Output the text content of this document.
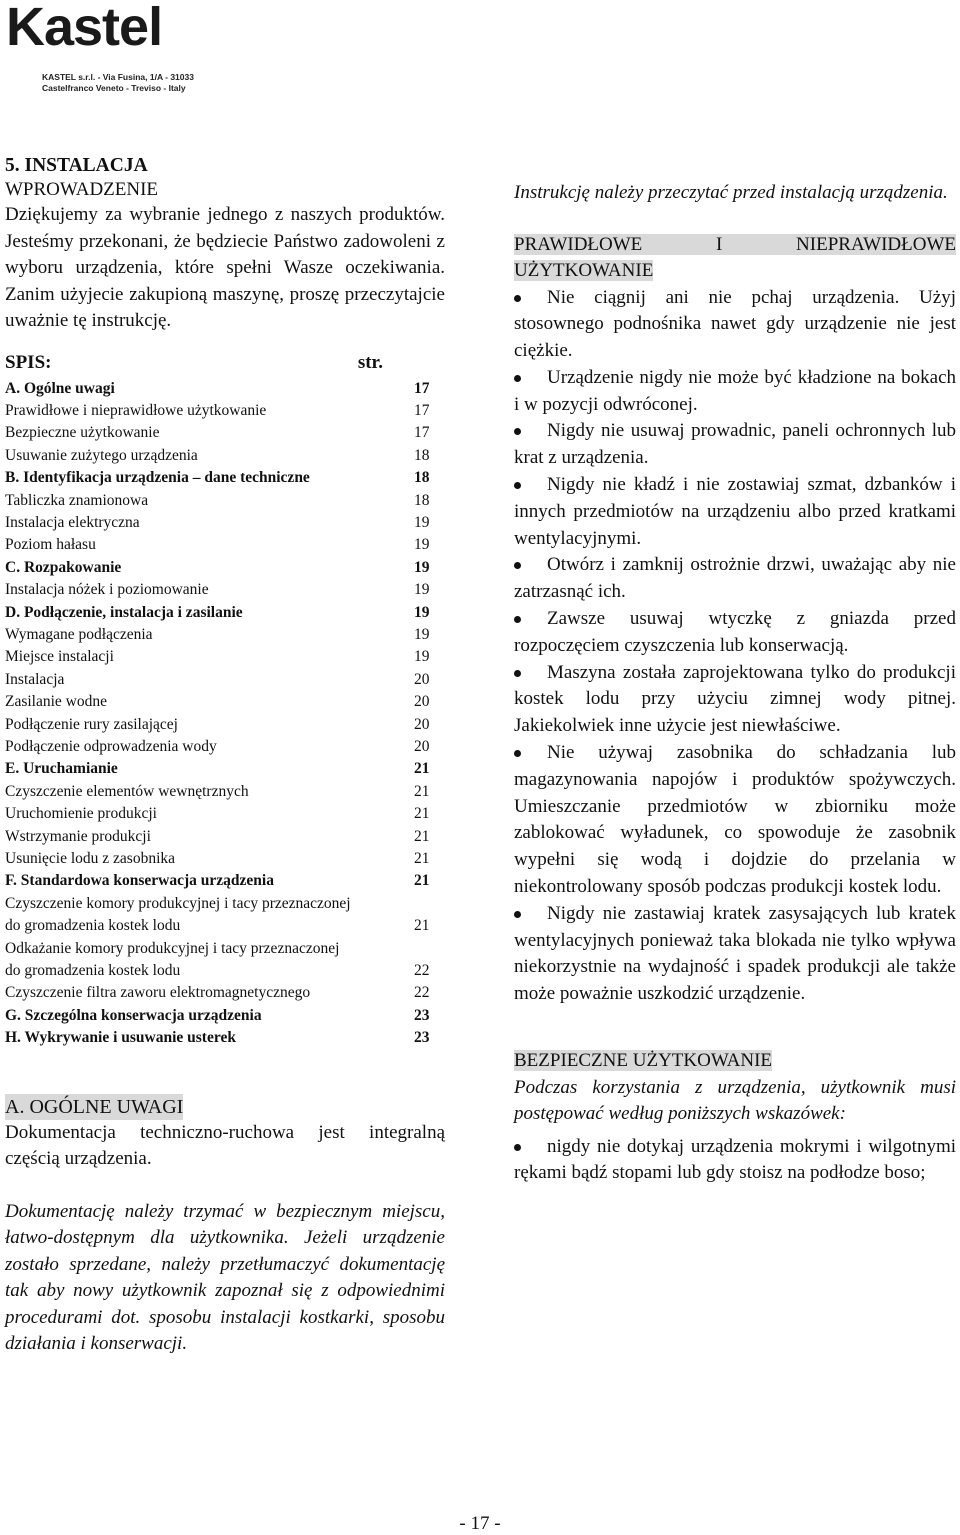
Kastel
KASTEL s.r.l. - Via Fusina, 1/A - 31033
Castelfranco Veneto - Treviso - Italy
5. INSTALACJA
WPROWADZENIE
Dziękujemy za wybranie jednego z naszych produktów. Jesteśmy przekonani, że będziecie Państwo zadowoleni z wyboru urządzenia, które spełni Wasze oczekiwania. Zanim użyjecie zakupioną maszynę, proszę przeczytajcie uważnie tę instrukcję.
SPIS:	str.
A. Ogólne uwagi	17
Prawidłowe i nieprawidłowe użytkowanie	17
Bezpieczne użytkowanie	17
Usuwanie zużytego urządzenia	18
B. Identyfikacja urządzenia – dane techniczne	18
Tabliczka znamionowa	18
Instalacja elektryczna	19
Poziom hałasu	19
C. Rozpakowanie	19
Instalacja nóżek i poziomowanie	19
D. Podłączenie, instalacja i zasilanie	19
Wymagane podłączenia	19
Miejsce instalacji	19
Instalacja	20
Zasilanie wodne	20
Podłączenie rury zasilającej	20
Podłączenie odprowadzenia wody	20
E. Uruchamianie	21
Czyszczenie elementów wewnętrznych	21
Uruchomienie produkcji	21
Wstrzymanie produkcji	21
Usunięcie lodu z zasobnika	21
F. Standardowa konserwacja urządzenia	21
Czyszczenie komory produkcyjnej i tacy przeznaczonej
do gromadzenia kostek lodu	21
Odkażanie komory produkcyjnej i tacy przeznaczonej
do gromadzenia kostek lodu	22
Czyszczenie filtra zaworu elektromagnetycznego	22
G. Szczególna konserwacja urządzenia	23
H. Wykrywanie i usuwanie usterek	23
A. OGÓLNE UWAGI
Dokumentacja techniczno-ruchowa jest integralną częścią urządzenia.
Dokumentację należy trzymać w bezpiecznym miejscu, łatwo-dostępnym dla użytkownika. Jeżeli urządzenie zostało sprzedane, należy przetłumaczyć dokumentację tak aby nowy użytkownik zapoznał się z odpowiednimi procedurami dot. sposobu instalacji kostkarki, sposobu działania i konserwacji.
Instrukcję należy przeczytać przed instalacją urządzenia.
PRAWIDŁOWE I NIEPRAWIDŁOWE UŻYTKOWANIE
Nie ciągnij ani nie pchaj urządzenia. Użyj stosownego podnośnika nawet gdy urządzenie nie jest ciężkie.
Urządzenie nigdy nie może być kładzione na bokach i w pozycji odwróconej.
Nigdy nie usuwaj prowadnic, paneli ochronnych lub krat z urządzenia.
Nigdy nie kładź i nie zostawiaj szmat, dzbanków i innych przedmiotów na urządzeniu albo przed kratkami wentylacyjnymi.
Otwórz i zamknij ostrożnie drzwi, uważając aby nie zatrzasnąć ich.
Zawsze usuwaj wtyczkę z gniazda przed rozpoczęciem czyszczenia lub konserwacją.
Maszyna została zaprojektowana tylko do produkcji kostek lodu przy użyciu zimnej wody pitnej. Jakiekolwiek inne użycie jest niewłaściwe.
Nie używaj zasobnika do schładzania lub magazynowania napojów i produktów spożywczych. Umieszczanie przedmiotów w zbiorniku może zablokować wyładunek, co spowoduje że zasobnik wypełni się wodą i dojdzie do przelania w niekontrolowany sposób podczas produkcji kostek lodu.
Nigdy nie zastawiaj kratek zasysających lub kratek wentylacyjnych ponieważ taka blokada nie tylko wpływa niekorzystnie na wydajność i spadek produkcji ale także może poważnie uszkodzić urządzenie.
BEZPIECZNE UŻYTKOWANIE
Podczas korzystania z urządzenia, użytkownik musi postępować według poniższych wskazówek:
nigdy nie dotykaj urządzenia mokrymi i wilgotnymi rękami bądź stopami lub gdy stoisz na podłodze boso;
- 17 -
